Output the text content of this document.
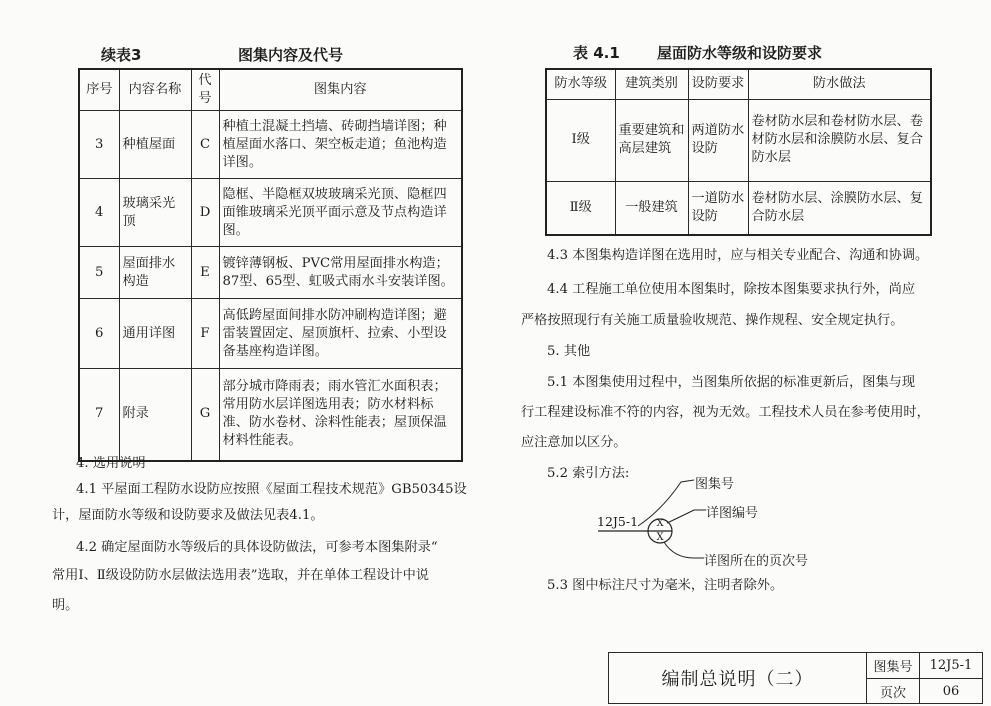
续表3	图集内容及代号
序号	内容名称	代号	图集内容
3	种植屋面	C	种植土混凝土挡墙、砖砌挡墙详图；种植屋面水落口、架空板走道；鱼池构造详图。
4	玻璃采光顶	D	隐框、半隐框双坡玻璃采光顶、隐框四面锥玻璃采光顶平面示意及节点构造详图。
5	屋面排水构造	E	镀锌薄钢板、PVC常用屋面排水构造；87型、65型、虹吸式雨水斗安装详图。
6	通用详图	F	高低跨屋面间排水防冲刷构造详图；避雷装置固定、屋顶旗杆、拉索、小型设备基座构造详图。
7	附录	G	部分城市降雨表；雨水管汇水面积表；常用防水层详图选用表；防水材料标准、防水卷材、涂料性能表；屋顶保温材料性能表。
4. 选用说明
4.1 平屋面工程防水设防应按照《屋面工程技术规范》GB50345设
计，屋面防水等级和设防要求及做法见表4.1。
4.2 确定屋面防水等级后的具体设防做法，可参考本图集附录“
常用Ⅰ、Ⅱ级设防防水层做法选用表”选取，并在单体工程设计中说
明。
表 4.1 屋面防水等级和设防要求
防水等级	建筑类别	设防要求	防水做法
Ⅰ级	重要建筑和高层建筑	两道防水设防	卷材防水层和卷材防水层、卷材防水层和涂膜防水层、复合防水层
Ⅱ级	一般建筑	一道防水设防	卷材防水层、涂膜防水层、复合防水层
4.3 本图集构造详图在选用时，应与相关专业配合、沟通和协调。
4.4 工程施工单位使用本图集时，除按本图集要求执行外，尚应
严格按照现行有关施工质量验收规范、操作规程、安全规定执行。
5. 其他
5.1 本图集使用过程中，当图集所依据的标准更新后，图集与现
行工程建设标准不符的内容，视为无效。工程技术人员在参考使用时，
应注意加以区分。
5.2 索引方法:
12J5-1 X
X
图集号
详图编号
详图所在的页次号
5.3 图中标注尺寸为毫米，注明者除外。
编制总说明（二）	图集号	12J5-1
	页次	06
